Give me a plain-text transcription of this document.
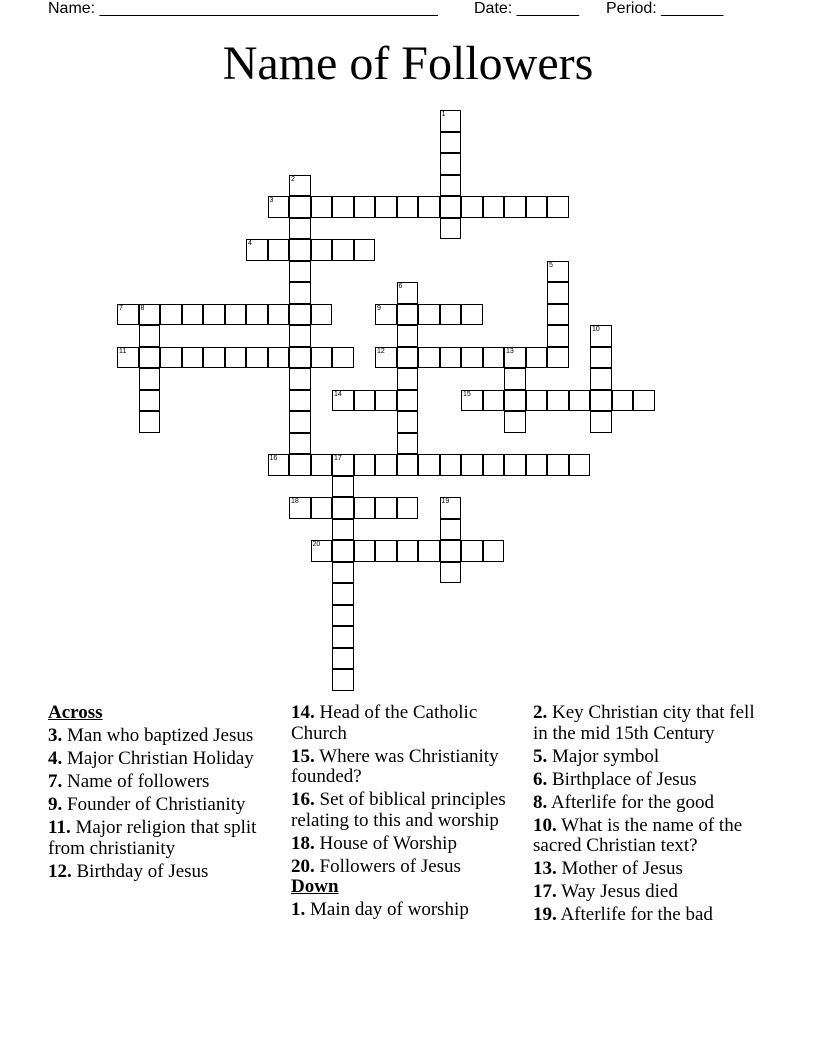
Name: ______________________________________ Date: _______ Period: _______
Name of Followers
1
2
3
4
5
6
7	8	9
10
11	12	13
14	15
16	17
18	19
20
Across
3. Man who baptized Jesus
4. Major Christian Holiday
7. Name of followers
9. Founder of Christianity
11. Major religion that split from christianity
12. Birthday of Jesus
14. Head of the Catholic Church
15. Where was Christianity founded?
16. Set of biblical principles relating to this and worship
18. House of Worship
20. Followers of Jesus
Down
1. Main day of worship
2. Key Christian city that fell in the mid 15th Century
5. Major symbol
6. Birthplace of Jesus
8. Afterlife for the good
10. What is the name of the sacred Christian text?
13. Mother of Jesus
17. Way Jesus died
19. Afterlife for the bad
